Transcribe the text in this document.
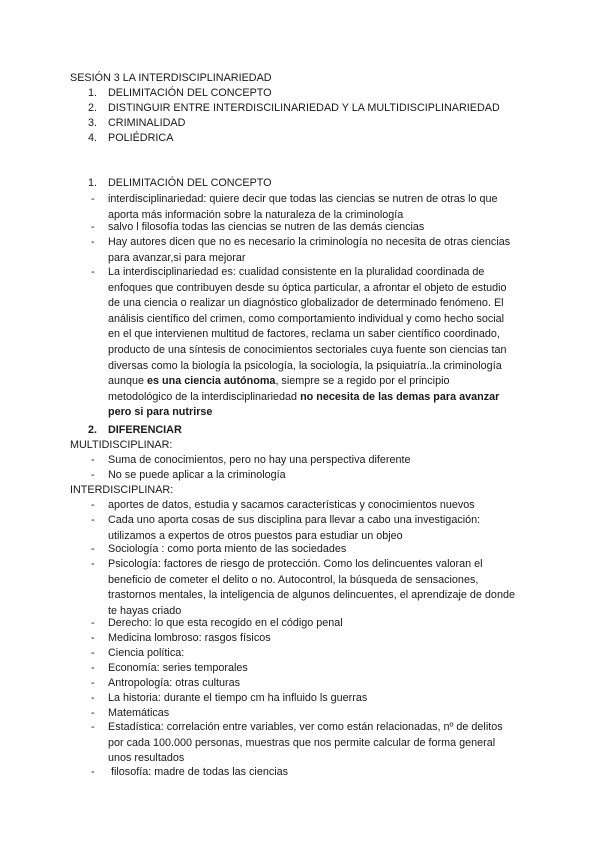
SESIÓN 3 LA INTERDISCIPLINARIEDAD
1.	DELIMITACIÓN DEL CONCEPTO
2.	DISTINGUIR ENTRE INTERDISCILINARIEDAD Y LA MULTIDISCIPLINARIEDAD
3.	CRIMINALIDAD
4.	POLIÉDRICA
1.	DELIMITACIÓN DEL CONCEPTO
- interdisciplinariedad: quiere decir que todas las ciencias se nutren de otras lo que
aporta más información sobre la naturaleza de la criminología
- salvo l filosofía todas las ciencias se nutren de las demás ciencias
- Hay autores dicen que no es necesario la criminología no necesita de otras ciencias
para avanzar,si para mejorar
- La interdisciplinariedad es: cualidad consistente en la pluralidad coordinada de
enfoques que contribuyen desde su óptica particular, a afrontar el objeto de estudio
de una ciencia o realizar un diagnóstico globalizador de determinado fenómeno. El
análisis científico del crimen, como comportamiento individual y como hecho social
en el que intervienen multitud de factores, reclama un saber científico coordinado,
producto de una síntesis de conocimientos sectoriales cuya fuente son ciencias tan
diversas como la biología la psicología, la sociología, la psiquiatría..la criminología
aunque es una ciencia autónoma, siempre se a regido por el principio
metodológico de la interdisciplinariedad no necesita de las demas para avanzar
pero si para nutrirse
2.	DIFERENCIAR
MULTIDISCIPLINAR:
- Suma de conocimientos, pero no hay una perspectiva diferente
- No se puede aplicar a la criminología
INTERDISCIPLINAR:
- aportes de datos, estudia y sacamos características y conocimientos nuevos
- Cada uno aporta cosas de sus disciplina para llevar a cabo una investigación:
utilizamos a expertos de otros puestos para estudiar un objeo
- Sociología : como porta miento de las sociedades
- Psicología: factores de riesgo de protección. Como los delincuentes valoran el
beneficio de cometer el delito o no. Autocontrol, la búsqueda de sensaciones,
trastornos mentales, la inteligencia de algunos delincuentes, el aprendizaje de donde
te hayas criado
- Derecho: lo que esta recogido en el código penal
- Medicina lombroso: rasgos físicos
- Ciencia política:
- Economía: series temporales
- Antropología: otras culturas
- La historia: durante el tiempo cm ha influido ls guerras
- Matemáticas
- Estadística: correlación entre variables, ver como están relacionadas, nº de delitos
por cada 100.000 personas, muestras que nos permite calcular de forma general
unos resultados
- filosofía: madre de todas las ciencias
